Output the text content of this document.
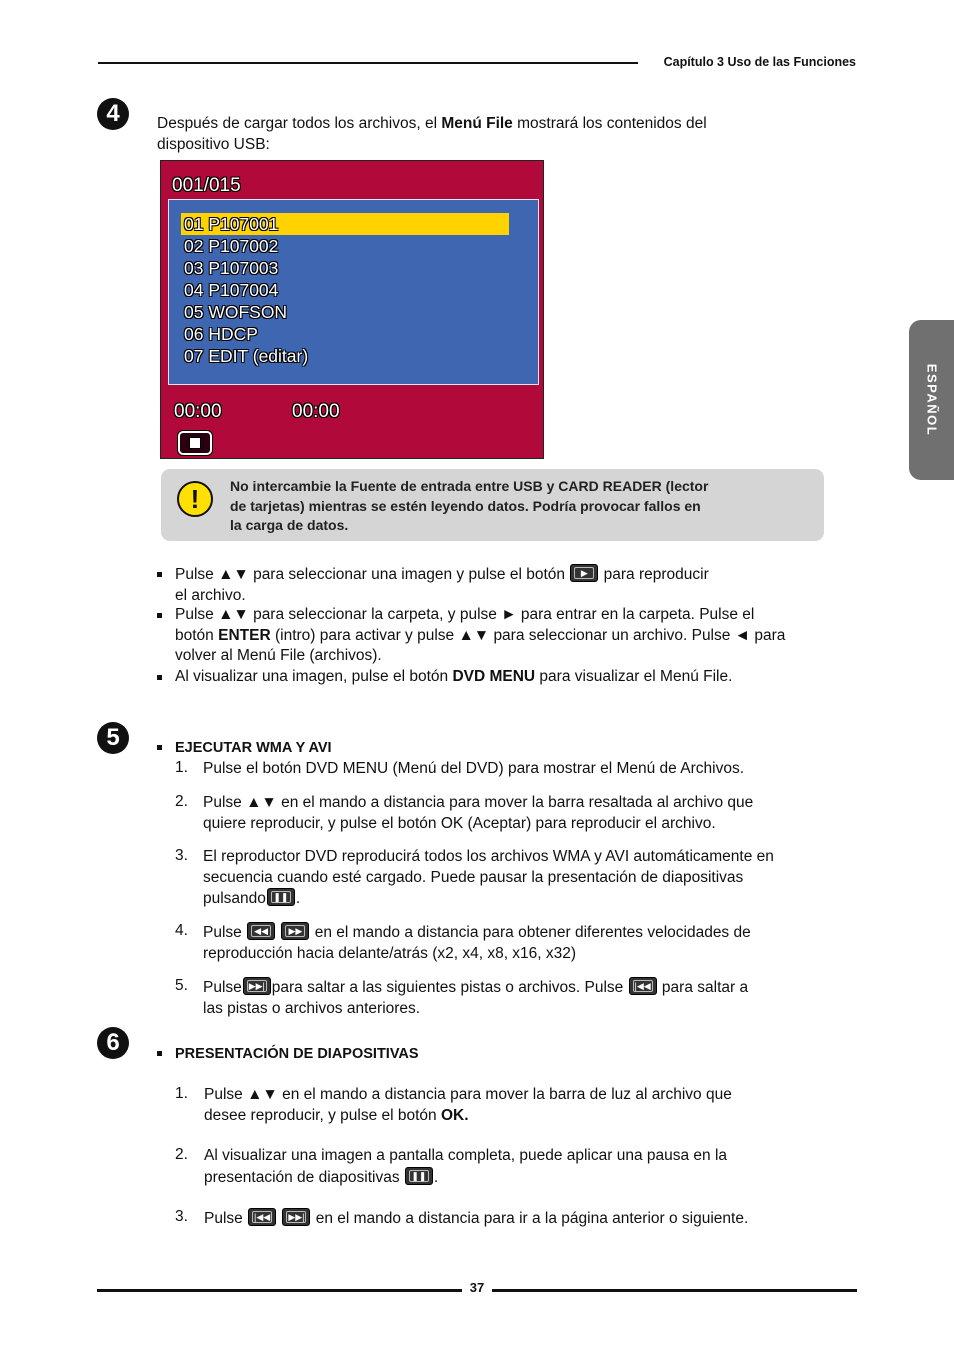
Capítulo 3 Uso de las Funciones
ESPAÑOL
4	Después de cargar todos los archivos, el Menú File mostrará los contenidos del
dispositivo USB:
001/015
01 P107001
02 P107002
03 P107003
04 P107004
05 WOFSON
06 HDCP
07 EDIT (editar)
00:00	00:00
!	No intercambie la Fuente de entrada entre USB y CARD READER (lector
de tarjetas) mientras se estén leyendo datos. Podría provocar fallos en
la carga de datos.
Pulse ▲▼ para seleccionar una imagen y pulse el botón	▶	para reproducir
el archivo.
Pulse ▲▼ para seleccionar la carpeta, y pulse ► para entrar en la carpeta. Pulse el
botón ENTER (intro) para activar y pulse ▲▼ para seleccionar un archivo. Pulse ◄ para
volver al Menú File (archivos).
Al visualizar una imagen, pulse el botón DVD MENU para visualizar el Menú File.
5	EJECUTAR WMA Y AVI
1. Pulse el botón DVD MENU (Menú del DVD) para mostrar el Menú de Archivos.
2. Pulse ▲▼ en el mando a distancia para mover la barra resaltada al archivo que
quiere reproducir, y pulse el botón OK (Aceptar) para reproducir el archivo.
3. El reproductor DVD reproducirá todos los archivos WMA y AVI automáticamente en
secuencia cuando esté cargado. Puede pausar la presentación de diapositivas
pulsando ❚❚ .
4. Pulse	◀◀
	▶▶ en el mando a distancia para obtener diferentes velocidades de
reproducción hacia delante/atrás (x2, x4, x8, x16, x32)
5. Pulse ▶▶| para saltar a las siguientes pistas o archivos. Pulse	|◀◀ para saltar a
las pistas o archivos anteriores.
6	PRESENTACIÓN DE DIAPOSITIVAS
1. Pulse ▲▼ en el mando a distancia para mover la barra de luz al archivo que
desee reproducir, y pulse el botón OK.
2. Al visualizar una imagen a pantalla completa, puede aplicar una pausa en la
presentación de diapositivas	❚❚ .
3. Pulse	|◀◀
	▶▶| en el mando a distancia para ir a la página anterior o siguiente.
37
